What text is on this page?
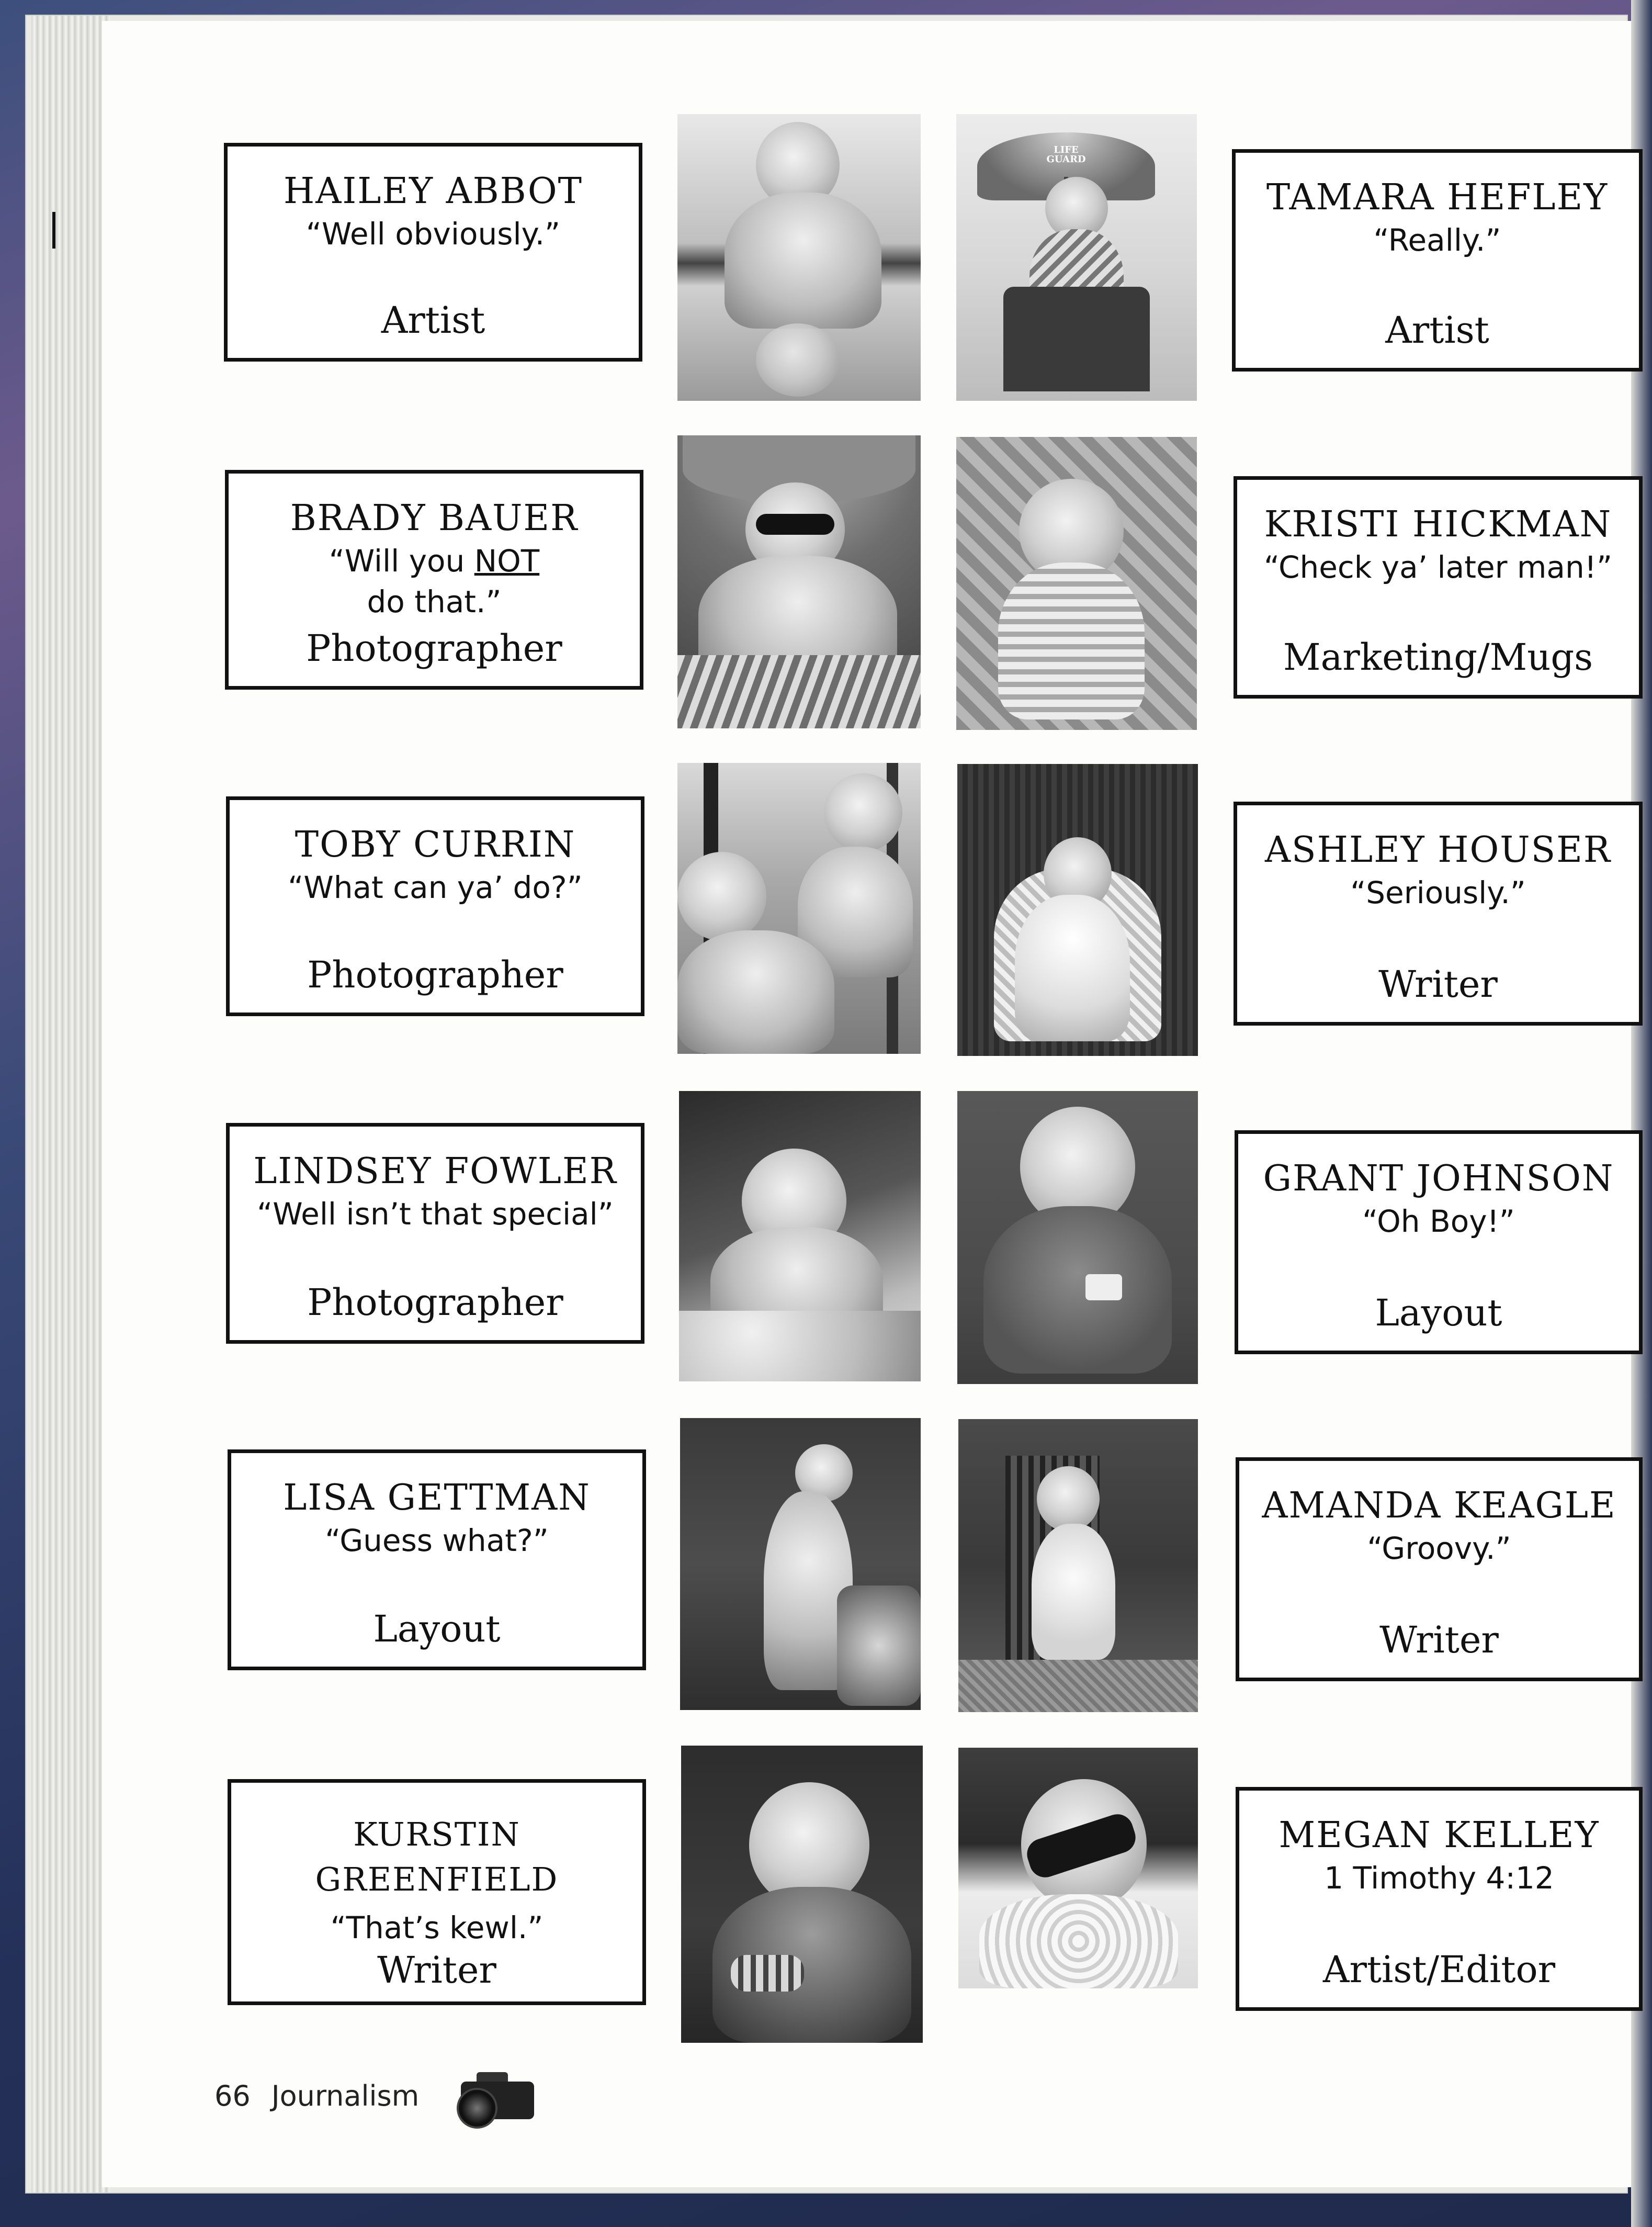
HAILEY ABBOT
“Well obviously.”
Artist
BRADY BAUER
“Will you NOT do that.”
Photographer
TOBY CURRIN
“What can ya’ do?”
Photographer
LINDSEY FOWLER
“Well isn’t that special”
Photographer
LISA GETTMAN
“Guess what?”
Layout
KURSTIN
GREENFIELD
“That’s kewl.”
Writer
TAMARA HEFLEY
“Really.”
Artist
KRISTI HICKMAN
“Check ya’ later man!”
Marketing/Mugs
ASHLEY HOUSER
“Seriously.”
Writer
GRANT JOHNSON
“Oh Boy!”
Layout
AMANDA KEAGLE
“Groovy.”
Writer
MEGAN KELLEY
1 Timothy 4:12
Artist/Editor
LIFE GUARD
66 Journalism
